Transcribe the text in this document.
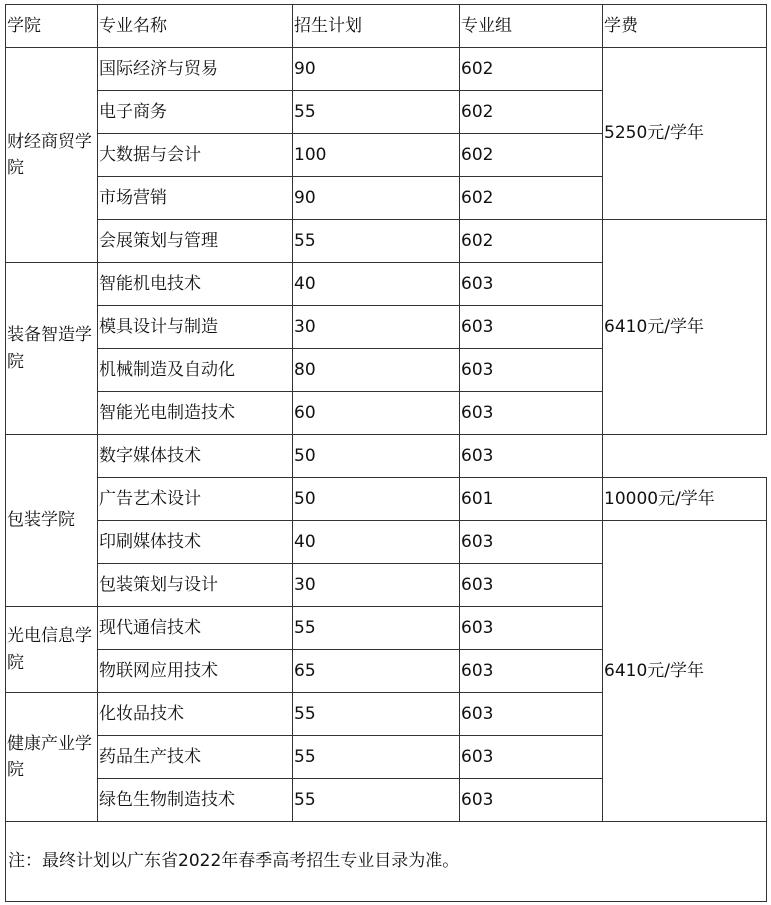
学院	专业名称	招生计划	专业组	学费
财经商贸学院	国际经济与贸易	90	602	5250元/学年
	电子商务	55	602	
	大数据与会计	100	602	
	市场营销	90	602	
	会展策划与管理	55	602	6410元/学年
装备智造学院	智能机电技术	40	603	
	模具设计与制造	30	603	
	机械制造及自动化	80	603	
	智能光电制造技术	60	603	
包装学院	数字媒体技术	50	603	
	广告艺术设计	50	601	10000元/学年
	印刷媒体技术	40	603	6410元/学年
	包装策划与设计	30	603	
光电信息学院	现代通信技术	55	603	
	物联网应用技术	65	603	
健康产业学院	化妆品技术	55	603	
	药品生产技术	55	603	
	绿色生物制造技术	55	603	
注：最终计划以广东省2022年春季高考招生专业目录为准。				
